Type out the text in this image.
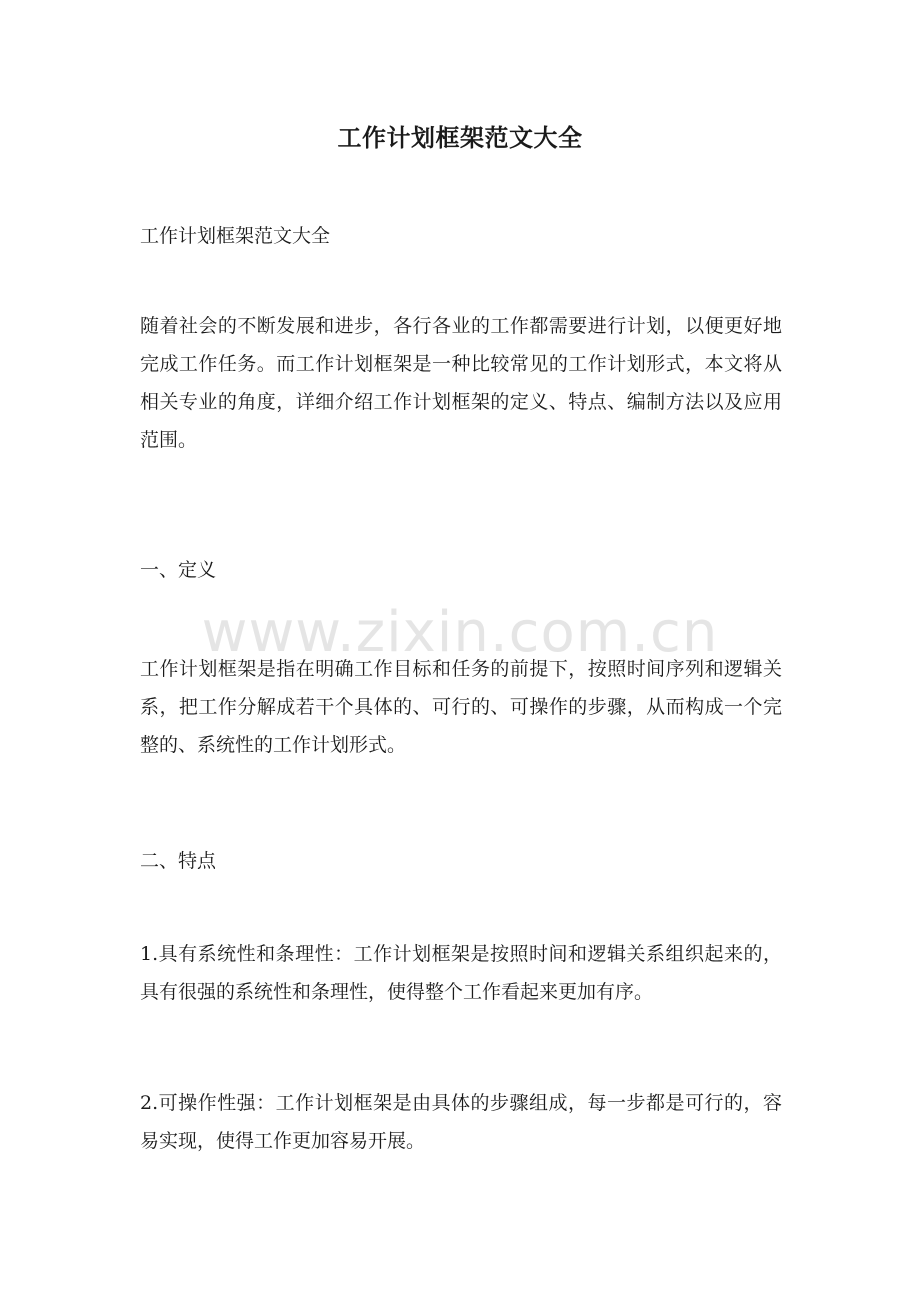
工作计划框架范文大全

工作计划框架范文大全

随着社会的不断发展和进步，各行各业的工作都需要进行计划，以便更好地完成工作任务。而工作计划框架是一种比较常见的工作计划形式，本文将从相关专业的角度，详细介绍工作计划框架的定义、特点、编制方法以及应用范围。

一、定义

工作计划框架是指在明确工作目标和任务的前提下，按照时间序列和逻辑关系，把工作分解成若干个具体的、可行的、可操作的步骤，从而构成一个完整的、系统性的工作计划形式。

二、特点

1.具有系统性和条理性：工作计划框架是按照时间和逻辑关系组织起来的，具有很强的系统性和条理性，使得整个工作看起来更加有序。

2.可操作性强：工作计划框架是由具体的步骤组成，每一步都是可行的，容易实现，使得工作更加容易开展。

www.zixin.com.cn
